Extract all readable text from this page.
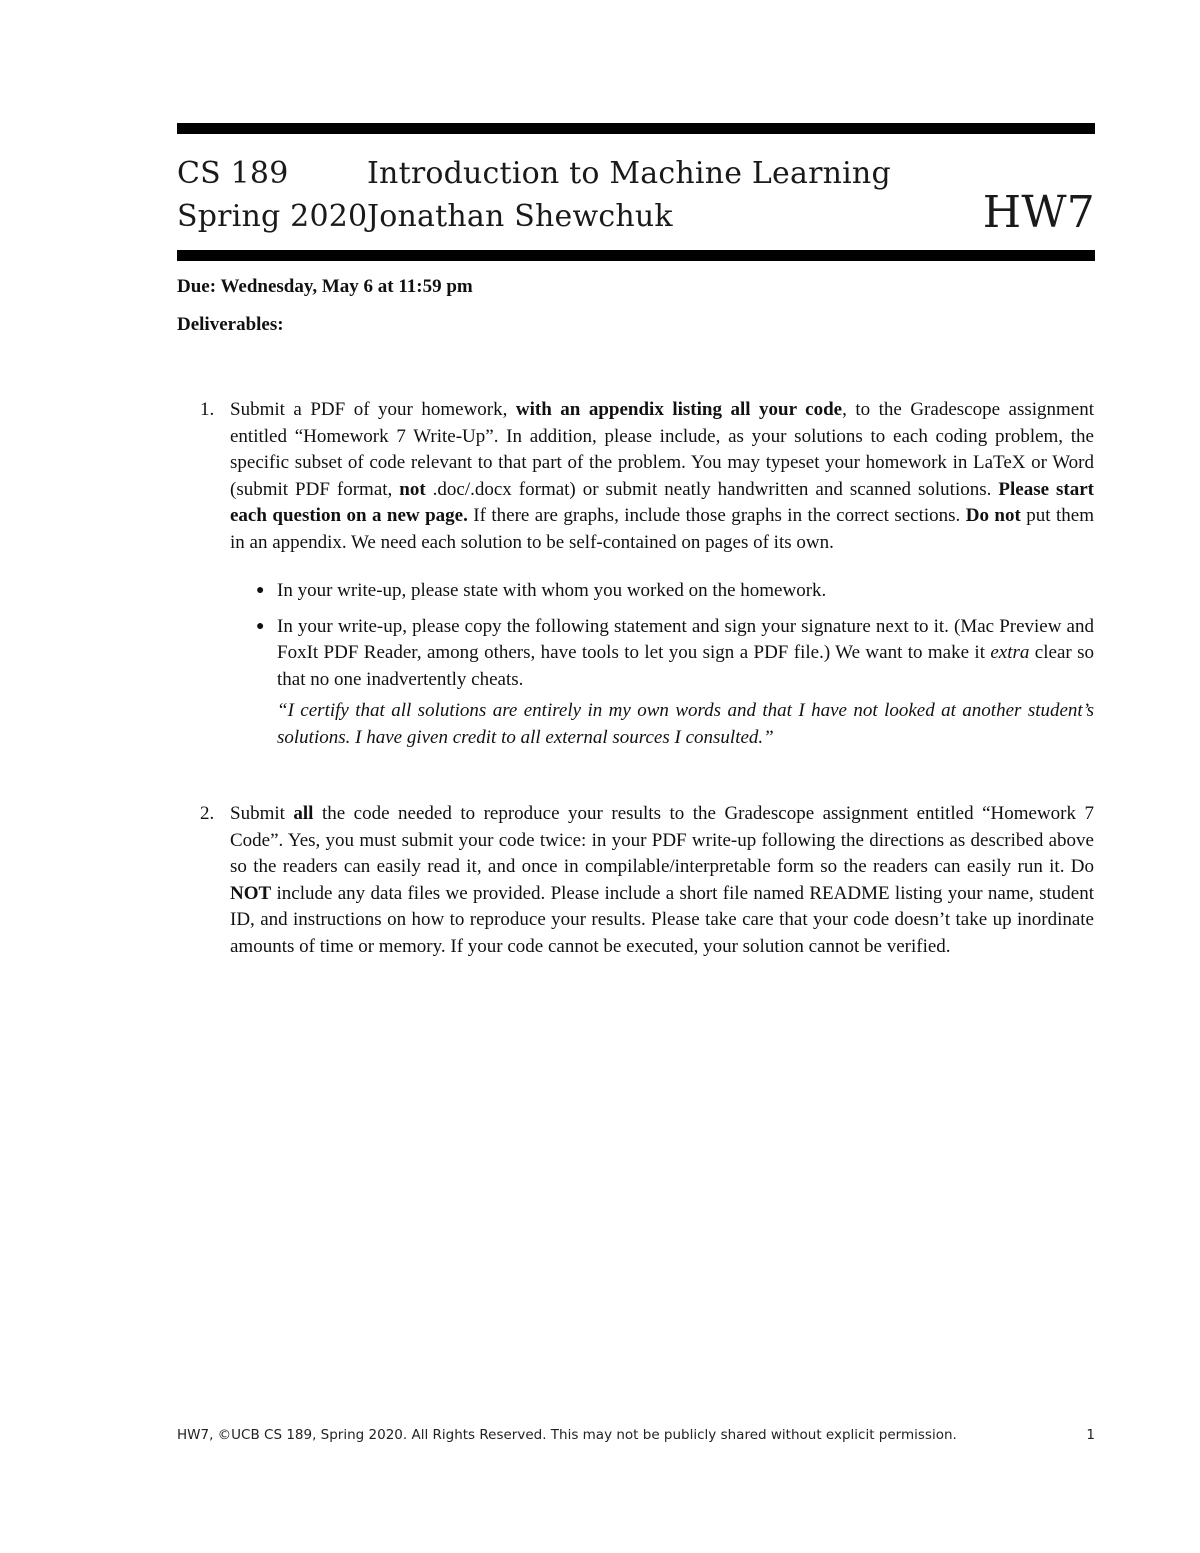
CS 189
Spring 2020
Introduction to Machine Learning
Jonathan Shewchuk	HW7
Due: Wednesday, May 6 at 11:59 pm
Deliverables:
1. Submit a PDF of your homework, with an appendix listing all your code, to the Gradescope assignment entitled “Homework 7 Write-Up”. In addition, please include, as your solutions to each coding problem, the specific subset of code relevant to that part of the problem. You may typeset your homework in LaTeX or Word (submit PDF format, not .doc/.docx format) or submit neatly handwritten and scanned solutions. Please start each question on a new page. If there are graphs, include those graphs in the correct sections. Do not put them in an appendix. We need each solution to be self-contained on pages of its own.
● In your write-up, please state with whom you worked on the homework.
● In your write-up, please copy the following statement and sign your signature next to it. (Mac Preview and FoxIt PDF Reader, among others, have tools to let you sign a PDF file.) We want to make it extra clear so that no one inadvertently cheats.
“I certify that all solutions are entirely in my own words and that I have not looked at another student’s solutions. I have given credit to all external sources I consulted.”
2. Submit all the code needed to reproduce your results to the Gradescope assignment entitled “Homework 7 Code”. Yes, you must submit your code twice: in your PDF write-up following the directions as described above so the readers can easily read it, and once in compilable/interpretable form so the readers can easily run it. Do NOT include any data files we provided. Please include a short file named README listing your name, student ID, and instructions on how to reproduce your results. Please take care that your code doesn’t take up inordinate amounts of time or memory. If your code cannot be executed, your solution cannot be verified.
HW7, ©UCB CS 189, Spring 2020. All Rights Reserved. This may not be publicly shared without explicit permission.	1
